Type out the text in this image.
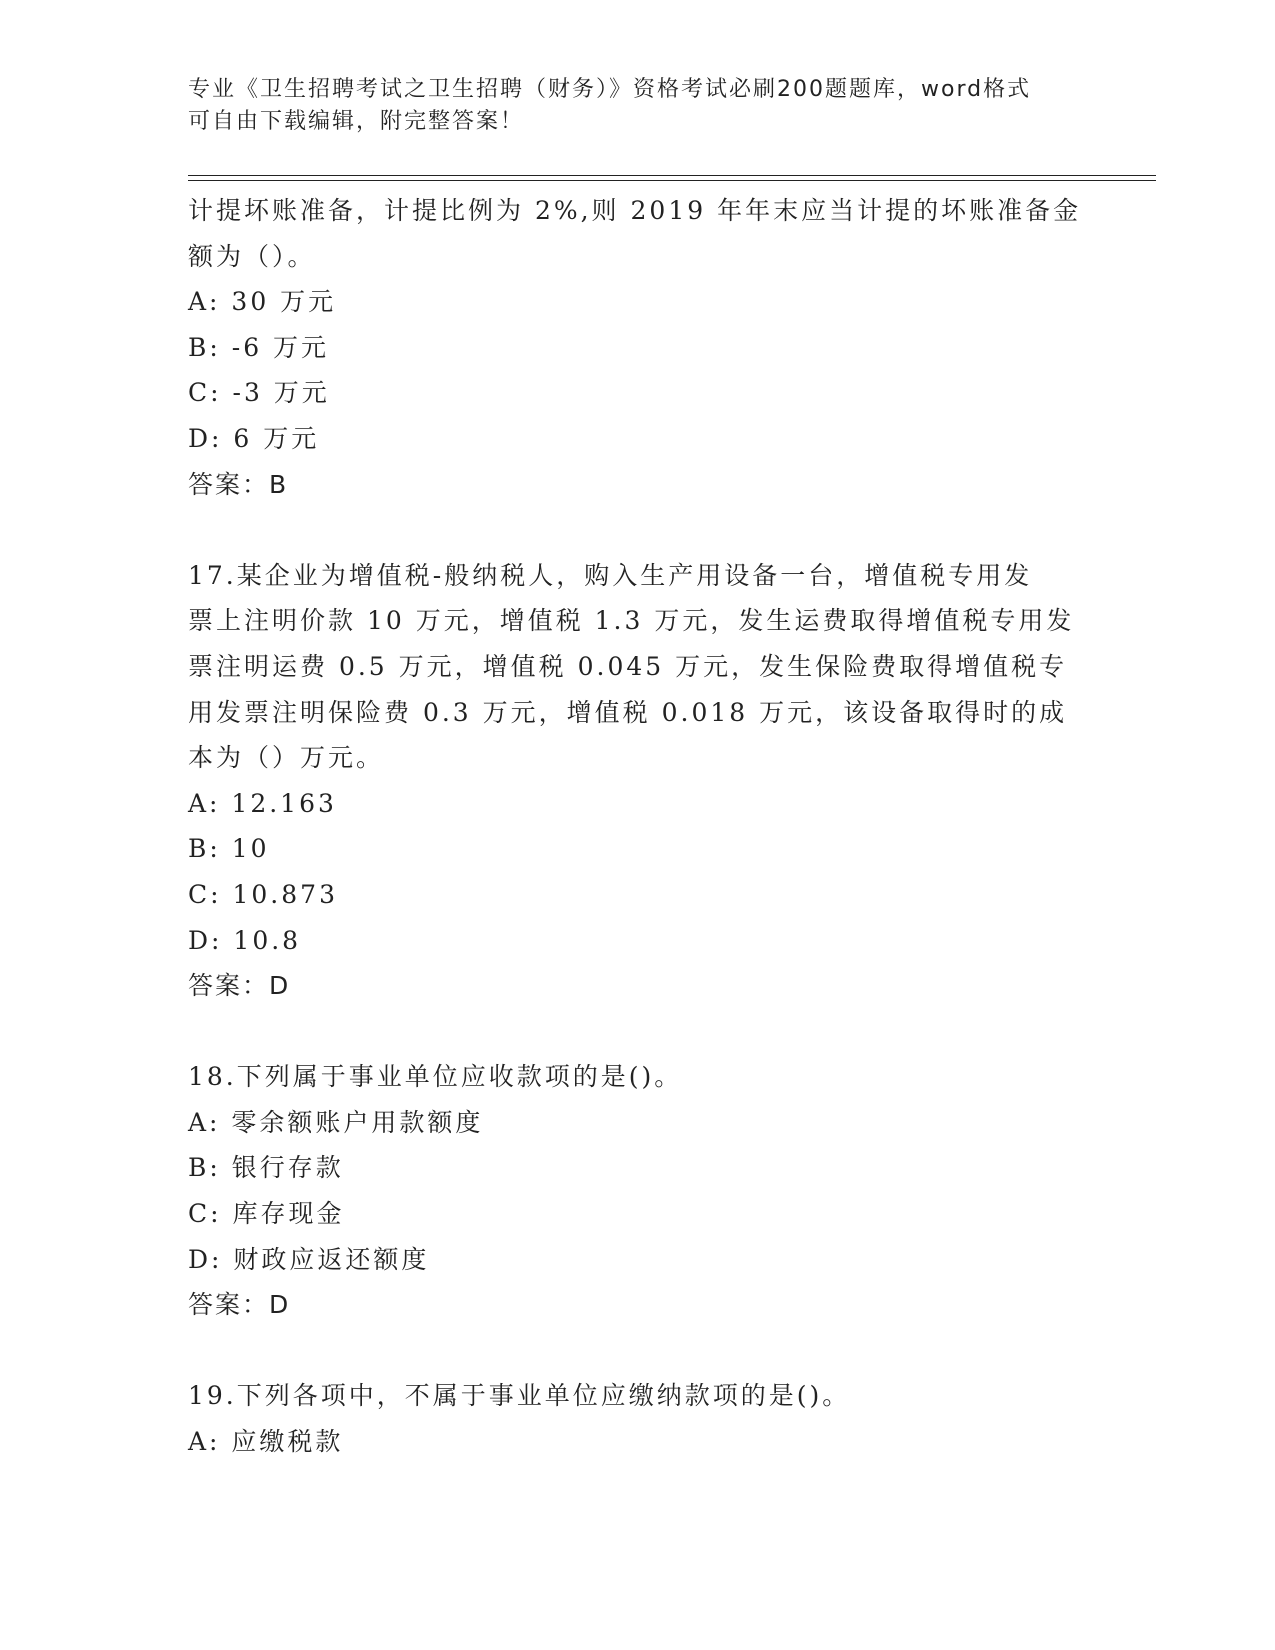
专业《卫生招聘考试之卫生招聘（财务）》资格考试必刷200题题库，word格式
可自由下载编辑，附完整答案！
计提坏账准备，计提比例为 2%,则 2019 年年末应当计提的坏账准备金
额为（）。
A: 30 万元
B: -6 万元
C: -3 万元
D: 6 万元
答案：B
17.某企业为增值税-般纳税人，购入生产用设备一台，增值税专用发
票上注明价款 10 万元，增值税 1.3 万元，发生运费取得增值税专用发
票注明运费 0.5 万元，增值税 0.045 万元，发生保险费取得增值税专
用发票注明保险费 0.3 万元，增值税 0.018 万元，该设备取得时的成
本为（）万元。
A: 12.163
B: 10
C: 10.873
D: 10.8
答案：D
18.下列属于事业单位应收款项的是()。
A: 零余额账户用款额度
B: 银行存款
C: 库存现金
D: 财政应返还额度
答案：D
19.下列各项中，不属于事业单位应缴纳款项的是()。
A: 应缴税款
